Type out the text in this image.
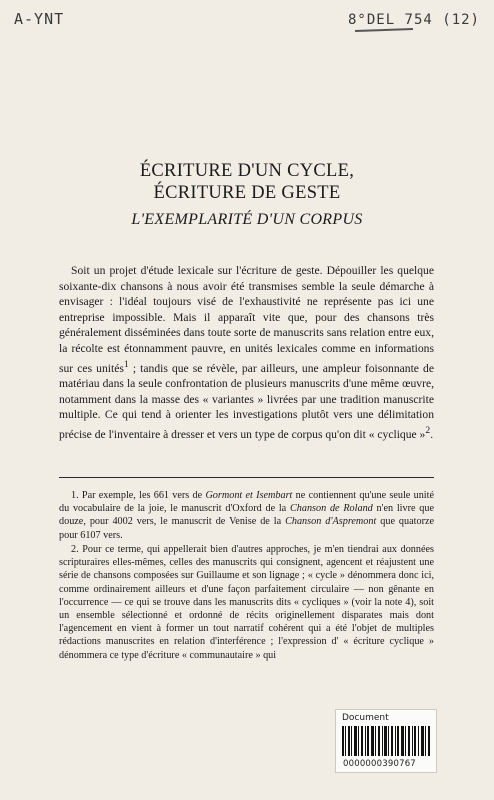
A-YNT	8°DEL 754 (12)
ÉCRITURE D'UN CYCLE,
ÉCRITURE DE GESTE
L'EXEMPLARITÉ D'UN CORPUS

Soit un projet d'étude lexicale sur l'écriture de geste. Dépouiller les quelque soixante-dix chansons à nous avoir été transmises semble la seule démarche à envisager : l'idéal toujours visé de l'exhaustivité ne représente pas ici une entreprise impossible. Mais il apparaît vite que, pour des chansons très généralement disséminées dans toute sorte de manuscrits sans relation entre eux, la récolte est étonnamment pauvre, en unités lexicales comme en informations sur ces unités$^1$ ; tandis que se révèle, par ailleurs, une ampleur foisonnante de matériau dans la seule confrontation de plusieurs manuscrits d'une même œuvre, notamment dans la masse des « variantes » livrées par une tradition manuscrite multiple. Ce qui tend à orienter les investigations plutôt vers une délimitation précise de l'inventaire à dresser et vers un type de corpus qu'on dit « cyclique »$^2$.

1. Par exemple, les 661 vers de Gormont et Isembart ne contiennent qu'une seule unité du vocabulaire de la joie, le manuscrit d'Oxford de la Chanson de Roland n'en livre que douze, pour 4002 vers, le manuscrit de Venise de la Chanson d'Aspremont que quatorze pour 6107 vers.

2. Pour ce terme, qui appellerait bien d'autres approches, je m'en tiendrai aux données scripturaires elles-mêmes, celles des manuscrits qui consignent, agencent et réajustent une série de chansons composées sur Guillaume et son lignage ; « cycle » dénommera donc ici, comme ordinairement ailleurs et d'une façon parfaitement circulaire — non gênante en l'occurrence — ce qui se trouve dans les manuscrits dits « cycliques » (voir la note 4), soit un ensemble sélectionné et ordonné de récits originellement disparates mais dont l'agencement en vient à former un tout narratif cohérent qui a été l'objet de multiples rédactions manuscrites en relation d'interférence ; l'expression d' « écriture cyclique » dénommera ce type d'écriture « communautaire » qui

Document
0000000390767
